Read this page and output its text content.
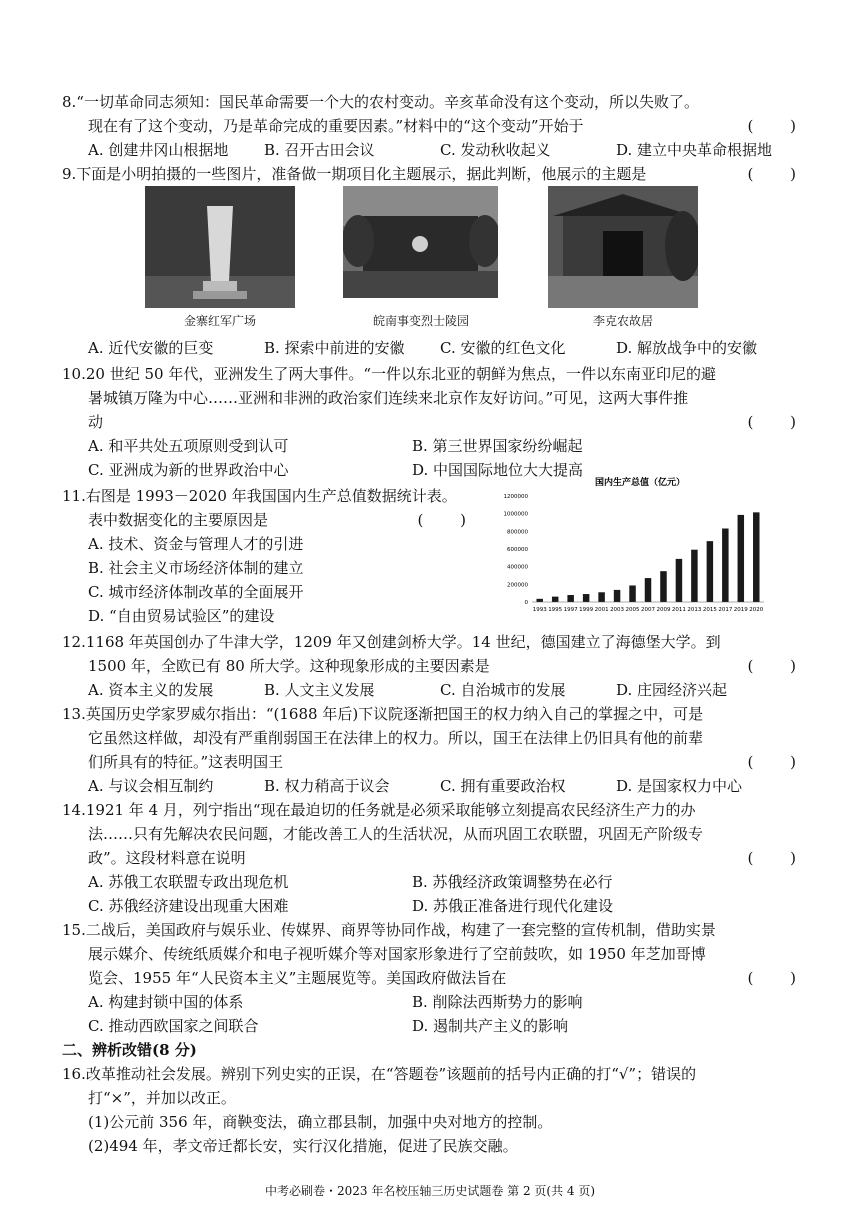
8.“一切革命同志须知：国民革命需要一个大的农村变动。辛亥革命没有这个变动，所以失败了。
现在有了这个变动，乃是革命完成的重要因素。”材料中的“这个变动”开始于	( )
A. 创建井冈山根据地	B. 召开古田会议	C. 发动秋收起义	D. 建立中央革命根据地
9.下面是小明拍摄的一些图片，准备做一期项目化主题展示，据此判断，他展示的主题是	( )
金寨红军广场	皖南事变烈士陵园	李克农故居
A. 近代安徽的巨变	B. 探索中前进的安徽	C. 安徽的红色文化	D. 解放战争中的安徽
10.20 世纪 50 年代，亚洲发生了两大事件。“一件以东北亚的朝鲜为焦点，一件以东南亚印尼的避
暑城镇万隆为中心……亚洲和非洲的政治家们连续来北京作友好访问。”可见，这两大事件推
动	( )
A. 和平共处五项原则受到认可	B. 第三世界国家纷纷崛起
C. 亚洲成为新的世界政治中心	D. 中国国际地位大大提高
11.右图是 1993－2020 年我国国内生产总值数据统计表。
表中数据变化的主要原因是	( )
A. 技术、资金与管理人才的引进
B. 社会主义市场经济体制的建立
C. 城市经济体制改革的全面展开
D. “自由贸易试验区”的建设
国内生产总值（亿元）
0
200000
400000
600000
800000
1000000
1200000
1993 1995 1997 1999 2001 2003 2005 2007 2009 2011 2013 2015 2017 2019 2020
12.1168 年英国创办了牛津大学，1209 年又创建剑桥大学。14 世纪，德国建立了海德堡大学。到
1500 年，全欧已有 80 所大学。这种现象形成的主要因素是	( )
A. 资本主义的发展	B. 人文主义发展	C. 自治城市的发展	D. 庄园经济兴起
13.英国历史学家罗威尔指出：“(1688 年后)下议院逐渐把国王的权力纳入自己的掌握之中，可是
它虽然这样做，却没有严重削弱国王在法律上的权力。所以，国王在法律上仍旧具有他的前辈
们所具有的特征。”这表明国王	( )
A. 与议会相互制约	B. 权力稍高于议会	C. 拥有重要政治权	D. 是国家权力中心
14.1921 年 4 月，列宁指出“现在最迫切的任务就是必须采取能够立刻提高农民经济生产力的办
法……只有先解决农民问题，才能改善工人的生活状况，从而巩固工农联盟，巩固无产阶级专
政”。这段材料意在说明	( )
A. 苏俄工农联盟专政出现危机	B. 苏俄经济政策调整势在必行
C. 苏俄经济建设出现重大困难	D. 苏俄正准备进行现代化建设
15.二战后，美国政府与娱乐业、传媒界、商界等协同作战，构建了一套完整的宣传机制，借助实景
展示媒介、传统纸质媒介和电子视听媒介等对国家形象进行了空前鼓吹，如 1950 年芝加哥博
览会、1955 年“人民资本主义”主题展览等。美国政府做法旨在	( )
A. 构建封锁中国的体系	B. 削除法西斯势力的影响
C. 推动西欧国家之间联合	D. 遏制共产主义的影响
二、辨析改错(8 分)
16.改革推动社会发展。辨别下列史实的正误，在“答题卷”该题前的括号内正确的打“√”；错误的
打“×”，并加以改正。
(1)公元前 356 年，商鞅变法，确立郡县制，加强中央对地方的控制。
(2)494 年，孝文帝迁都长安，实行汉化措施，促进了民族交融。
中考必刷卷・2023 年名校压轴三历史试题卷 第 2 页(共 4 页)
